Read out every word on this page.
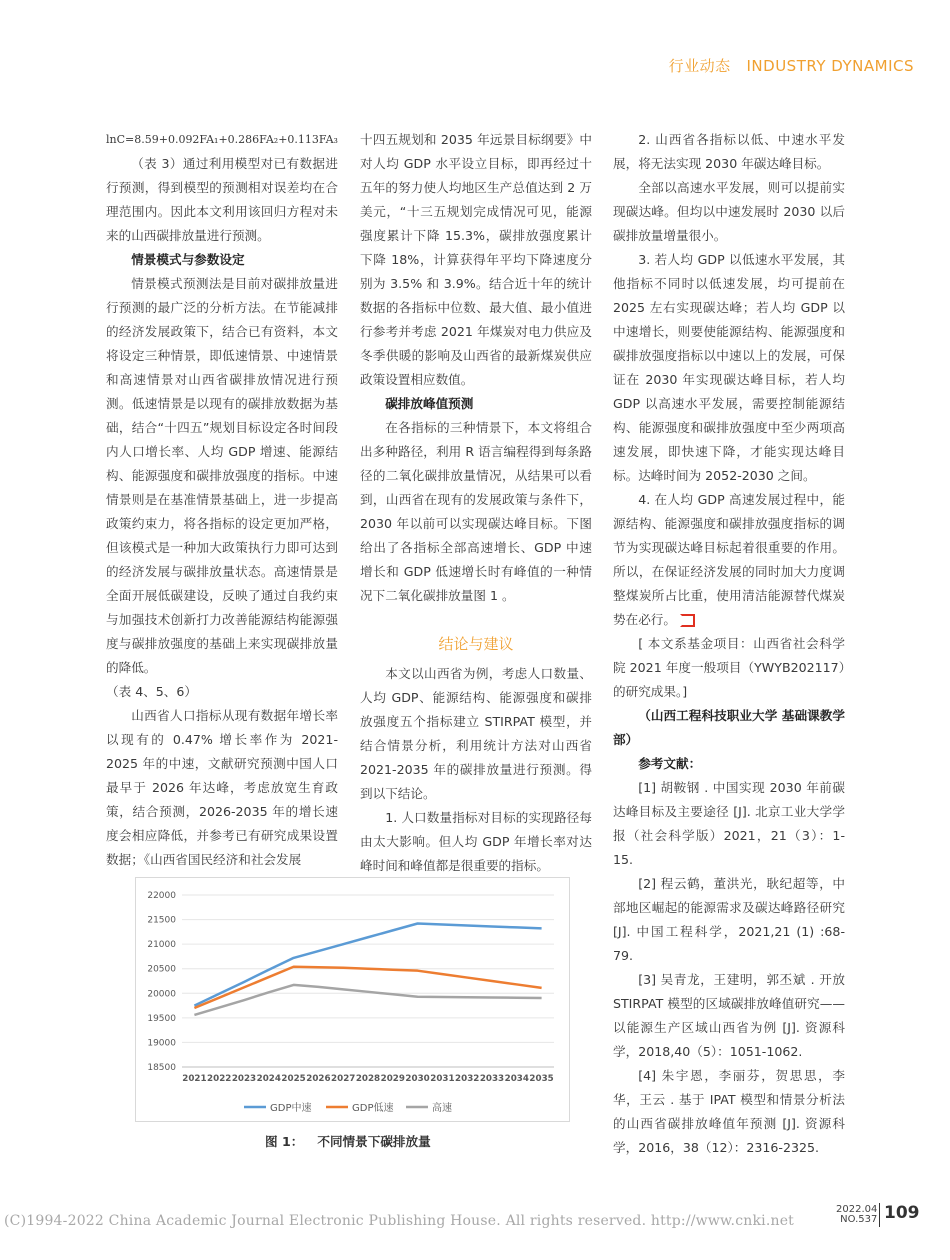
行业动态 INDUSTRY DYNAMICS

lnC=8.59+0.092FA₁+0.286FA₂+0.113FA₃

（表 3）通过利用模型对已有数据进行预测，得到模型的预测相对误差均在合理范围内。因此本文利用该回归方程对未来的山西碳排放量进行预测。

情景模式与参数设定

情景模式预测法是目前对碳排放量进行预测的最广泛的分析方法。在节能减排的经济发展政策下，结合已有资料，本文将设定三种情景，即低速情景、中速情景和高速情景对山西省碳排放情况进行预测。低速情景是以现有的碳排放数据为基础，结合“十四五”规划目标设定各时间段内人口增长率、人均 GDP 增速、能源结构、能源强度和碳排放强度的指标。中速情景则是在基准情景基础上，进一步提高政策约束力，将各指标的设定更加严格，但该模式是一种加大政策执行力即可达到的经济发展与碳排放量状态。高速情景是全面开展低碳建设，反映了通过自我约束与加强技术创新打力改善能源结构能源强度与碳排放强度的基础上来实现碳排放量的降低。

（表 4、5、6）

山西省人口指标从现有数据年增长率以现有的 0.47% 增长率作为 2021-2025 年的中速，文献研究预测中国人口最早于 2026 年达峰，考虑放宽生育政策，结合预测，2026-2035 年的增长速度会相应降低，并参考已有研究成果设置数据；《山西省国民经济和社会发展

十四五规划和 2035 年远景目标纲要》中对人均 GDP 水平设立目标，即再经过十五年的努力使人均地区生产总值达到 2 万美元，“十三五规划完成情况可见，能源强度累计下降 15.3%，碳排放强度累计下降 18%，计算获得年平均下降速度分别为 3.5% 和 3.9%。结合近十年的统计数据的各指标中位数、最大值、最小值进行参考并考虑 2021 年煤炭对电力供应及冬季供暖的影响及山西省的最新煤炭供应政策设置相应数值。

碳排放峰值预测

在各指标的三种情景下，本文将组合出多种路径，利用 R 语言编程得到每条路径的二氧化碳排放量情况，从结果可以看到，山西省在现有的发展政策与条件下，2030 年以前可以实现碳达峰目标。下图给出了各指标全部高速增长、GDP 中速增长和 GDP 低速增长时有峰值的一种情况下二氧化碳排放量图 1 。

结论与建议

本文以山西省为例，考虑人口数量、人均 GDP、能源结构、能源强度和碳排放强度五个指标建立 STIRPAT 模型，并结合情景分析，利用统计方法对山西省 2021-2035 年的碳排放量进行预测。得到以下结论。

1. 人口数量指标对目标的实现路径每由太大影响。但人均 GDP 年增长率对达峰时间和峰值都是很重要的指标。

2. 山西省各指标以低、中速水平发展，将无法实现 2030 年碳达峰目标。

全部以高速水平发展，则可以提前实现碳达峰。但均以中速发展时 2030 以后碳排放量增量很小。

3. 若人均 GDP 以低速水平发展，其他指标不同时以低速发展，均可提前在 2025 左右实现碳达峰；若人均 GDP 以中速增长，则要使能源结构、能源强度和碳排放强度指标以中速以上的发展，可保证在 2030 年实现碳达峰目标，若人均 GDP 以高速水平发展，需要控制能源结构、能源强度和碳排放强度中至少两项高速发展，即快速下降，才能实现达峰目标。达峰时间为 2052-2030 之间。

4. 在人均 GDP 高速发展过程中，能源结构、能源强度和碳排放强度指标的调节为实现碳达峰目标起着很重要的作用。所以，在保证经济发展的同时加大力度调整煤炭所占比重，使用清洁能源替代煤炭势在必行。

[ 本文系基金项目：山西省社会科学院 2021 年度一般项目（YWYB202117）的研究成果。]

（山西工程科技职业大学 基础课教学部）

参考文献：

[1] 胡鞍钢 . 中国实现 2030 年前碳达峰目标及主要途径 [J]. 北京工业大学学报（社会科学版）2021，21（3）：1-15.

[2] 程云鹤，董洪光，耿纪超等，中部地区崛起的能源需求及碳达峰路径研究 [J]. 中国工程科学，2021,21 (1) :68-79.

[3] 吴青龙，王建明，郭丕斌 . 开放 STIRPAT 模型的区域碳排放峰值研究——以能源生产区域山西省为例 [J]. 资源科学，2018,40（5）：1051-1062.

[4] 朱宇恩，李丽芬，贺思思，李华，王云 . 基于 IPAT 模型和情景分析法的山西省碳排放峰值年预测 [J]. 资源科学，2016，38（12）：2316-2325.

18500
19000
19500
20000
20500
21000
21500
22000
2021 2022 2023 2024 2025 2026 2027 2028 2029 2030 2031 2032 2033 2034 2035
GDP中速	GDP低速	高速
图 1： 不同情景下碳排放量
(C)1994-2022 China Academic Journal Electronic Publishing House. All rights reserved. http://www.cnki.net
2022.04
NO.537 109
